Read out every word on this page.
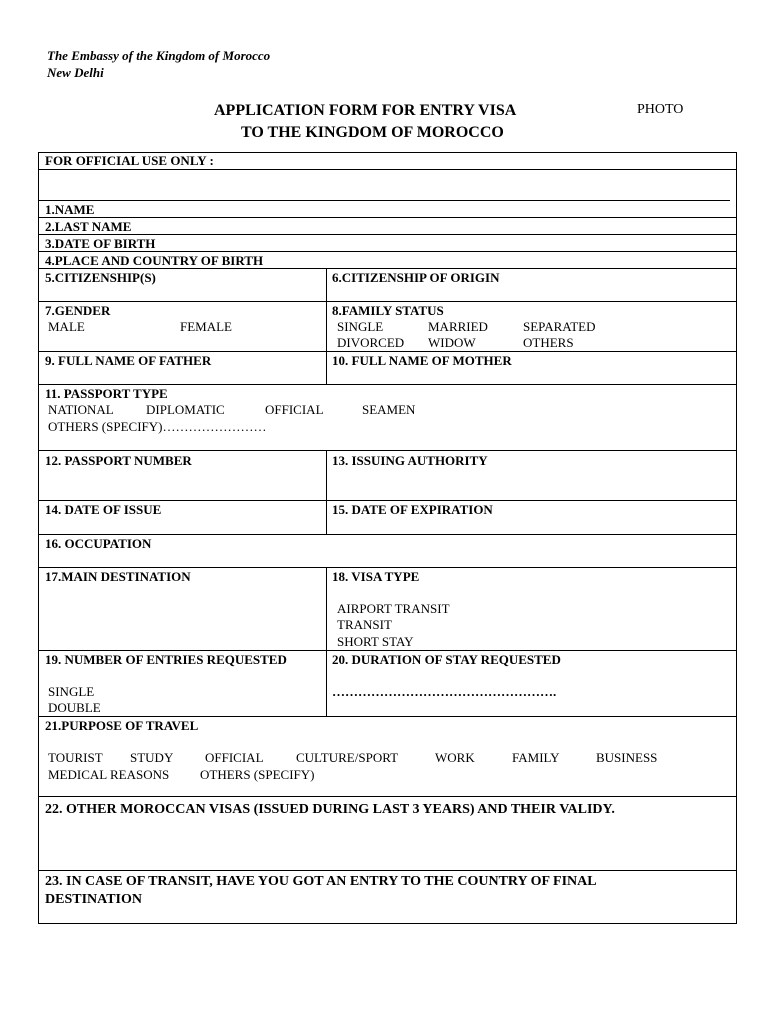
The Embassy of the Kingdom of Morocco
New Delhi
APPLICATION FORM FOR ENTRY VISA
TO THE KINGDOM OF MOROCCO
PHOTO
FOR OFFICIAL USE ONLY :
1.NAME
2.LAST NAME
3.DATE OF BIRTH
4.PLACE AND COUNTRY OF BIRTH
5.CITIZENSHIP(S)	6.CITIZENSHIP OF ORIGIN
7.GENDER
MALE	FEMALE
8.FAMILY STATUS
SINGLE	MARRIED	SEPARATED
DIVORCED WIDOW	OTHERS
9. FULL NAME OF FATHER	10. FULL NAME OF MOTHER
11. PASSPORT TYPE
NATIONAL DIPLOMATIC	OFFICIAL	SEAMEN
OTHERS (SPECIFY)……………………
12. PASSPORT NUMBER	13. ISSUING AUTHORITY
14. DATE OF ISSUE	15. DATE OF EXPIRATION
16. OCCUPATION
17.MAIN DESTINATION	18. VISA TYPE
AIRPORT TRANSIT
TRANSIT
SHORT STAY
19. NUMBER OF ENTRIES REQUESTED
SINGLE
DOUBLE
20. DURATION OF STAY REQUESTED
…………………………………………….
21.PURPOSE OF TRAVEL
TOURIST STUDY OFFICIAL CULTURE/SPORT	WORK	FAMILY	BUSINESS
MEDICAL REASONS OTHERS (SPECIFY)
22. OTHER MOROCCAN VISAS (ISSUED DURING LAST 3 YEARS) AND THEIR VALIDY.
23. IN CASE OF TRANSIT, HAVE YOU GOT AN ENTRY TO THE COUNTRY OF FINAL
DESTINATION
